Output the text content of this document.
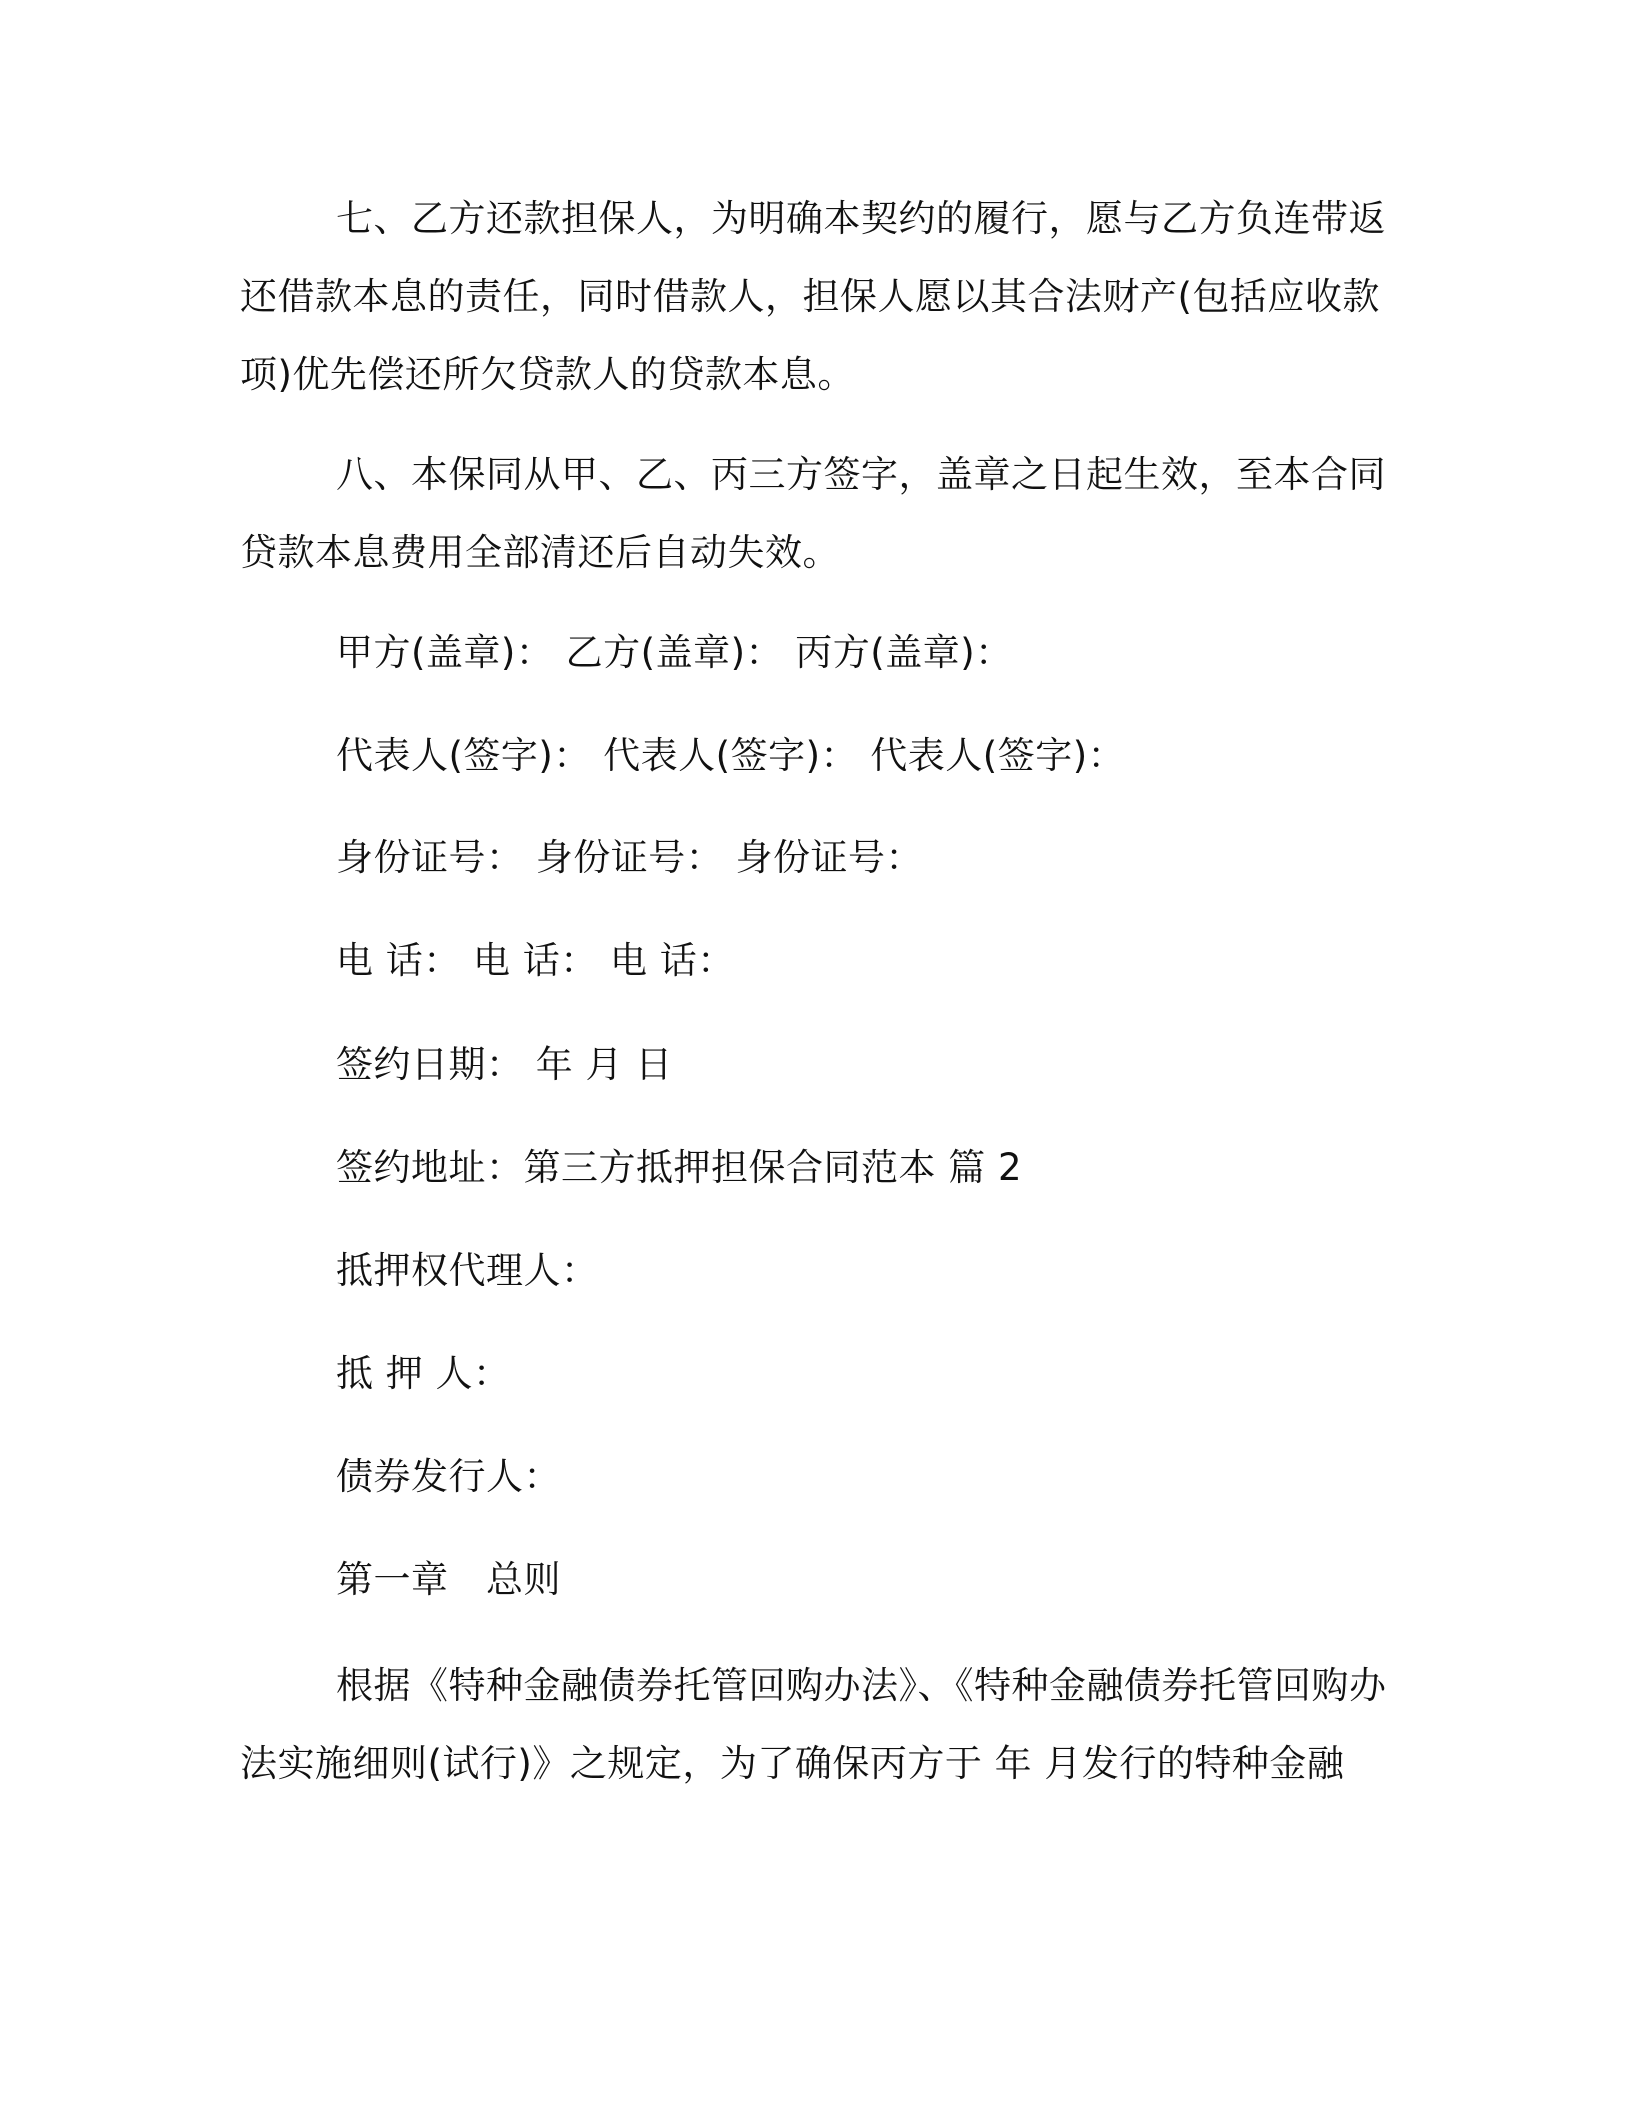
七、乙方还款担保人，为明确本契约的履行，愿与乙方负连带返还借款本息的责任，同时借款人，担保人愿以其合法财产(包括应收款项)优先偿还所欠贷款人的贷款本息。

八、本保同从甲、乙、丙三方签字，盖章之日起生效，至本合同贷款本息费用全部清还后自动失效。

甲方(盖章)： 乙方(盖章)： 丙方(盖章)：

代表人(签字)： 代表人(签字)： 代表人(签字)：

身份证号： 身份证号： 身份证号：

电 话： 电 话： 电 话：

签约日期： 年 月 日

签约地址：第三方抵押担保合同范本 篇 2

抵押权代理人：

抵 押 人：

债券发行人：

第一章　总则

根据《特种金融债券托管回购办法》、《特种金融债券托管回购办法实施细则(试行)》之规定，为了确保丙方于 年 月发行的特种金融
